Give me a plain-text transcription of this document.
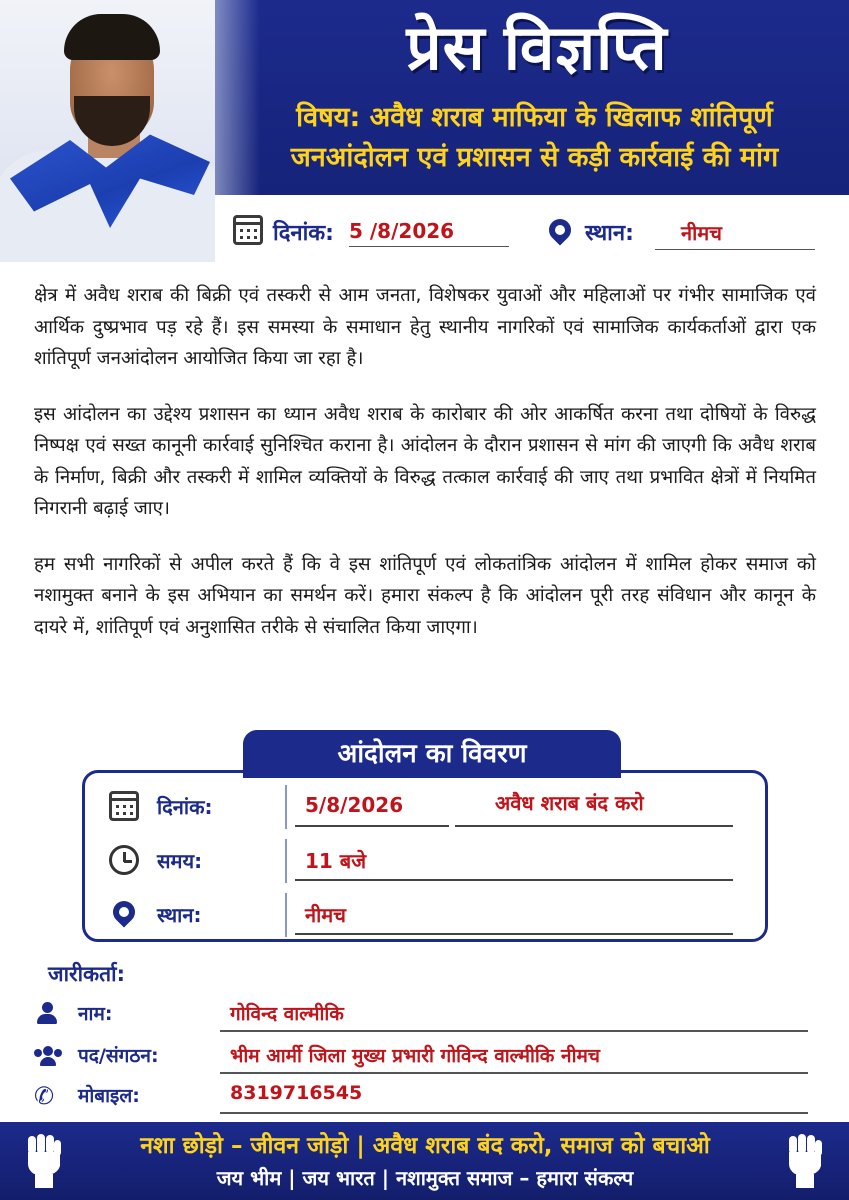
प्रेस विज्ञप्ति
विषय: अवैध शराब माफिया के खिलाफ शांतिपूर्ण
जनआंदोलन एवं प्रशासन से कड़ी कार्रवाई की मांग
दिनांक: 5 /8/2026	स्थान:	नीमच

क्षेत्र में अवैध शराब की बिक्री एवं तस्करी से आम जनता, विशेषकर युवाओं और महिलाओं पर गंभीर सामाजिक एवं आर्थिक दुष्प्रभाव पड़ रहे हैं। इस समस्या के समाधान हेतु स्थानीय नागरिकों एवं सामाजिक कार्यकर्ताओं द्वारा एक शांतिपूर्ण जनआंदोलन आयोजित किया जा रहा है।

इस आंदोलन का उद्देश्य प्रशासन का ध्यान अवैध शराब के कारोबार की ओर आकर्षित करना तथा दोषियों के विरुद्ध निष्पक्ष एवं सख्त कानूनी कार्रवाई सुनिश्चित कराना है। आंदोलन के दौरान प्रशासन से मांग की जाएगी कि अवैध शराब के निर्माण, बिक्री और तस्करी में शामिल व्यक्तियों के विरुद्ध तत्काल कार्रवाई की जाए तथा प्रभावित क्षेत्रों में नियमित निगरानी बढ़ाई जाए।

हम सभी नागरिकों से अपील करते हैं कि वे इस शांतिपूर्ण एवं लोकतांत्रिक आंदोलन में शामिल होकर समाज को नशामुक्त बनाने के इस अभियान का समर्थन करें। हमारा संकल्प है कि आंदोलन पूरी तरह संविधान और कानून के दायरे में, शांतिपूर्ण एवं अनुशासित तरीके से संचालित किया जाएगा।

दिनांक:	5/8/2026	अवैध शराब बंद करो
समय:	11 बजे
स्थान:	नीमच
आंदोलन का विवरण
जारीकर्ता:
नाम:	गोविन्द वाल्मीकि
पद/संगठन:	भीम आर्मी जिला मुख्य प्रभारी गोविन्द वाल्मीकि नीमच
✆ मोबाइल:	8319716545
नशा छोड़ो – जीवन जोड़ो | अवैध शराब बंद करो, समाज को बचाओ
जय भीम | जय भारत | नशामुक्त समाज – हमारा संकल्प
